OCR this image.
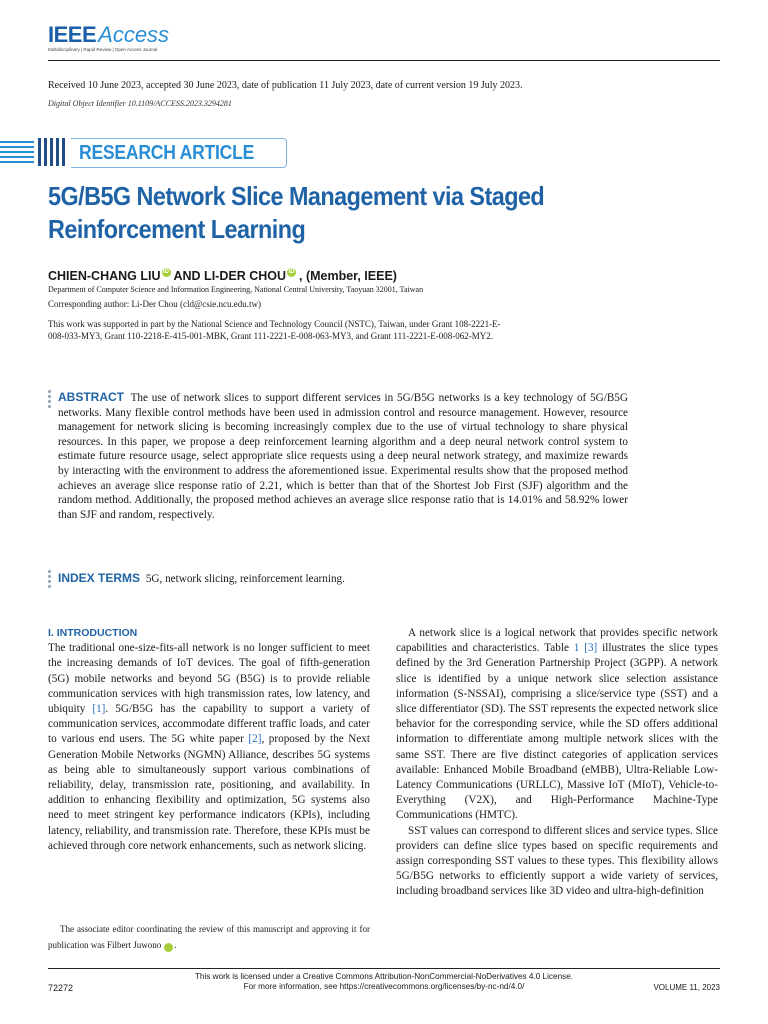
IEEE Access
Multidisciplinary | Rapid Review | Open Access Journal
Received 10 June 2023, accepted 30 June 2023, date of publication 11 July 2023, date of current version 19 July 2023.
Digital Object Identifier 10.1109/ACCESS.2023.3294281
RESEARCH ARTICLE
5G/B5G Network Slice Management via Staged Reinforcement Learning
CHIEN-CHANG LIU iD AND LI-DER CHOU iD , (Member, IEEE)
Department of Computer Science and Information Engineering, National Central University, Taoyuan 32001, Taiwan
Corresponding author: Li-Der Chou (cld@csie.ncu.edu.tw)
This work was supported in part by the National Science and Technology Council (NSTC), Taiwan, under Grant 108-2221-E-008-033-MY3, Grant 110-2218-E-415-001-MBK, Grant 111-2221-E-008-063-MY3, and Grant 111-2221-E-008-062-MY2.
ABSTRACT The use of network slices to support different services in 5G/B5G networks is a key technology of 5G/B5G networks. Many flexible control methods have been used in admission control and resource management. However, resource management for network slicing is becoming increasingly complex due to the use of virtual technology to share physical resources. In this paper, we propose a deep reinforcement learning algorithm and a deep neural network control system to estimate future resource usage, select appropriate slice requests using a deep neural network strategy, and maximize rewards by interacting with the environment to address the aforementioned issue. Experimental results show that the proposed method achieves an average slice response ratio of 2.21, which is better than that of the Shortest Job First (SJF) algorithm and the random method. Additionally, the proposed method achieves an average slice response ratio that is 14.01% and 58.92% lower than SJF and random, respectively.
INDEX TERMS 5G, network slicing, reinforcement learning.
I. INTRODUCTION

The traditional one-size-fits-all network is no longer sufficient to meet the increasing demands of IoT devices. The goal of fifth-generation (5G) mobile networks and beyond 5G (B5G) is to provide reliable communication services with high transmission rates, low latency, and ubiquity [1]. 5G/B5G has the capability to support a variety of communication services, accommodate different traffic loads, and cater to various end users. The 5G white paper [2], proposed by the Next Generation Mobile Networks (NGMN) Alliance, describes 5G systems as being able to simultaneously support various combinations of reliability, delay, transmission rate, positioning, and availability. In addition to enhancing flexibility and optimization, 5G systems also need to meet stringent key performance indicators (KPIs), including latency, reliability, and transmission rate. Therefore, these KPIs must be achieved through core network enhancements, such as network slicing.

The associate editor coordinating the review of this manuscript and approving it for publication was Filbert Juwono	iD.

A network slice is a logical network that provides specific network capabilities and characteristics. Table 1 [3] illustrates the slice types defined by the 3rd Generation Partnership Project (3GPP). A network slice is identified by a unique network slice selection assistance information (S-NSSAI), comprising a slice/service type (SST) and a slice differentiator (SD). The SST represents the expected network slice behavior for the corresponding service, while the SD offers additional information to differentiate among multiple network slices with the same SST. There are five distinct categories of application services available: Enhanced Mobile Broadband (eMBB), Ultra-Reliable Low-Latency Communications (URLLC), Massive IoT (MIoT), Vehicle-to-Everything (V2X), and High-Performance Machine-Type Communications (HMTC).

SST values can correspond to different slices and service types. Slice providers can define slice types based on specific requirements and assign corresponding SST values to these types. This flexibility allows 5G/B5G networks to efficiently support a wide variety of services, including broadband services like 3D video and ultra-high-definition

72272
This work is licensed under a Creative Commons Attribution-NonCommercial-NoDerivatives 4.0 License.
For more information, see https://creativecommons.org/licenses/by-nc-nd/4.0/	VOLUME 11, 2023
